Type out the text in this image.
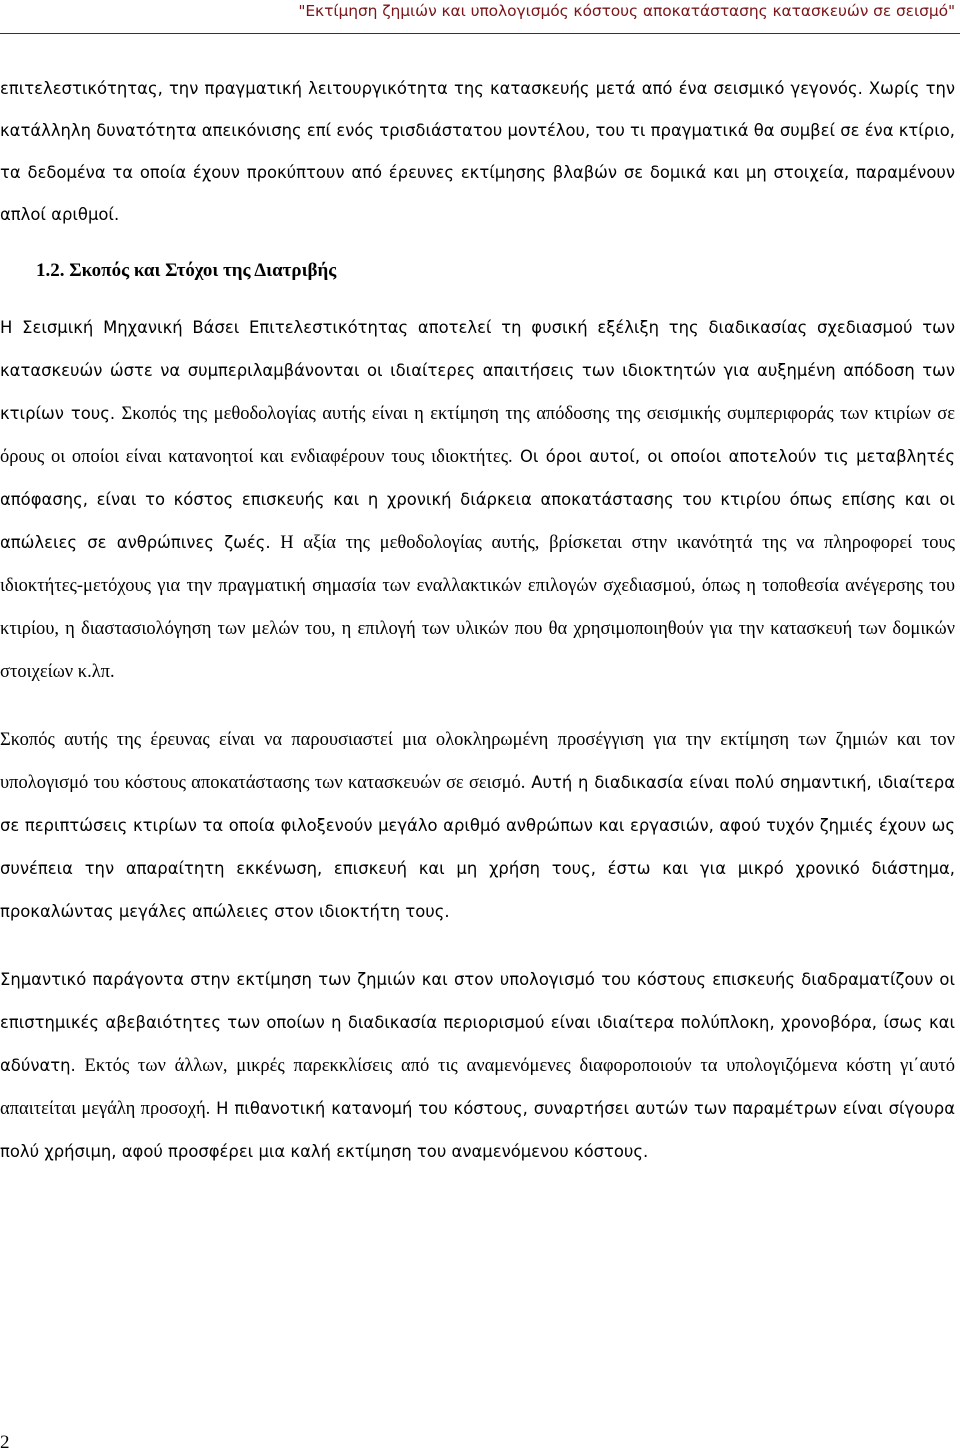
"Εκτίμηση ζημιών και υπολογισμός κόστους αποκατάστασης κατασκευών σε σεισμό"

επιτελεστικότητας, την πραγματική λειτουργικότητα της κατασκευής μετά από ένα σεισμικό γεγονός. Χωρίς την κατάλληλη δυνατότητα απεικόνισης επί ενός τρισδιάστατου μοντέλου, του τι πραγματικά θα συμβεί σε ένα κτίριο, τα δεδομένα τα οποία έχουν προκύπτουν από έρευνες εκτίμησης βλαβών σε δομικά και μη στοιχεία, παραμένουν απλοί αριθμοί.

1.2. Σκοπός και Στόχοι της Διατριβής

Η Σεισμική Μηχανική Βάσει Επιτελεστικότητας αποτελεί τη φυσική εξέλιξη της διαδικασίας σχεδιασμού των κατασκευών ώστε να συμπεριλαμβάνονται οι ιδιαίτερες απαιτήσεις των ιδιοκτητών για αυξημένη απόδοση των κτιρίων τους. Σκοπός της μεθοδολογίας αυτής είναι η εκτίμηση της απόδοσης της σεισμικής συμπεριφοράς των κτιρίων σε όρους οι οποίοι είναι κατανοητοί και ενδιαφέρουν τους ιδιοκτήτες. Οι όροι αυτοί, οι οποίοι αποτελούν τις μεταβλητές απόφασης, είναι το κόστος επισκευής και η χρονική διάρκεια αποκατάστασης του κτιρίου όπως επίσης και οι απώλειες σε ανθρώπινες ζωές. Η αξία της μεθοδολογίας αυτής, βρίσκεται στην ικανότητά της να πληροφορεί τους ιδιοκτήτες-μετόχους για την πραγματική σημασία των εναλλακτικών επιλογών σχεδιασμού, όπως η τοποθεσία ανέγερσης του κτιρίου, η διαστασιολόγηση των μελών του, η επιλογή των υλικών που θα χρησιμοποιηθούν για την κατασκευή των δομικών στοιχείων κ.λπ.

Σκοπός αυτής της έρευνας είναι να παρουσιαστεί μια ολοκληρωμένη προσέγγιση για την εκτίμηση των ζημιών και τον υπολογισμό του κόστους αποκατάστασης των κατασκευών σε σεισμό. Αυτή η διαδικασία είναι πολύ σημαντική, ιδιαίτερα σε περιπτώσεις κτιρίων τα οποία φιλοξενούν μεγάλο αριθμό ανθρώπων και εργασιών, αφού τυχόν ζημιές έχουν ως συνέπεια την απαραίτητη εκκένωση, επισκευή και μη χρήση τους, έστω και για μικρό χρονικό διάστημα, προκαλώντας μεγάλες απώλειες στον ιδιοκτήτη τους.

Σημαντικό παράγοντα στην εκτίμηση των ζημιών και στον υπολογισμό του κόστους επισκευής διαδραματίζουν οι επιστημικές αβεβαιότητες των οποίων η διαδικασία περιορισμού είναι ιδιαίτερα πολύπλοκη, χρονοβόρα, ίσως και αδύνατη. Εκτός των άλλων, μικρές παρεκκλίσεις από τις αναμενόμενες διαφοροποιούν τα υπολογιζόμενα κόστη γι΄αυτό απαιτείται μεγάλη προσοχή. Η πιθανοτική κατανομή του κόστους, συναρτήσει αυτών των παραμέτρων είναι σίγουρα πολύ χρήσιμη, αφού προσφέρει μια καλή εκτίμηση του αναμενόμενου κόστους.

2
